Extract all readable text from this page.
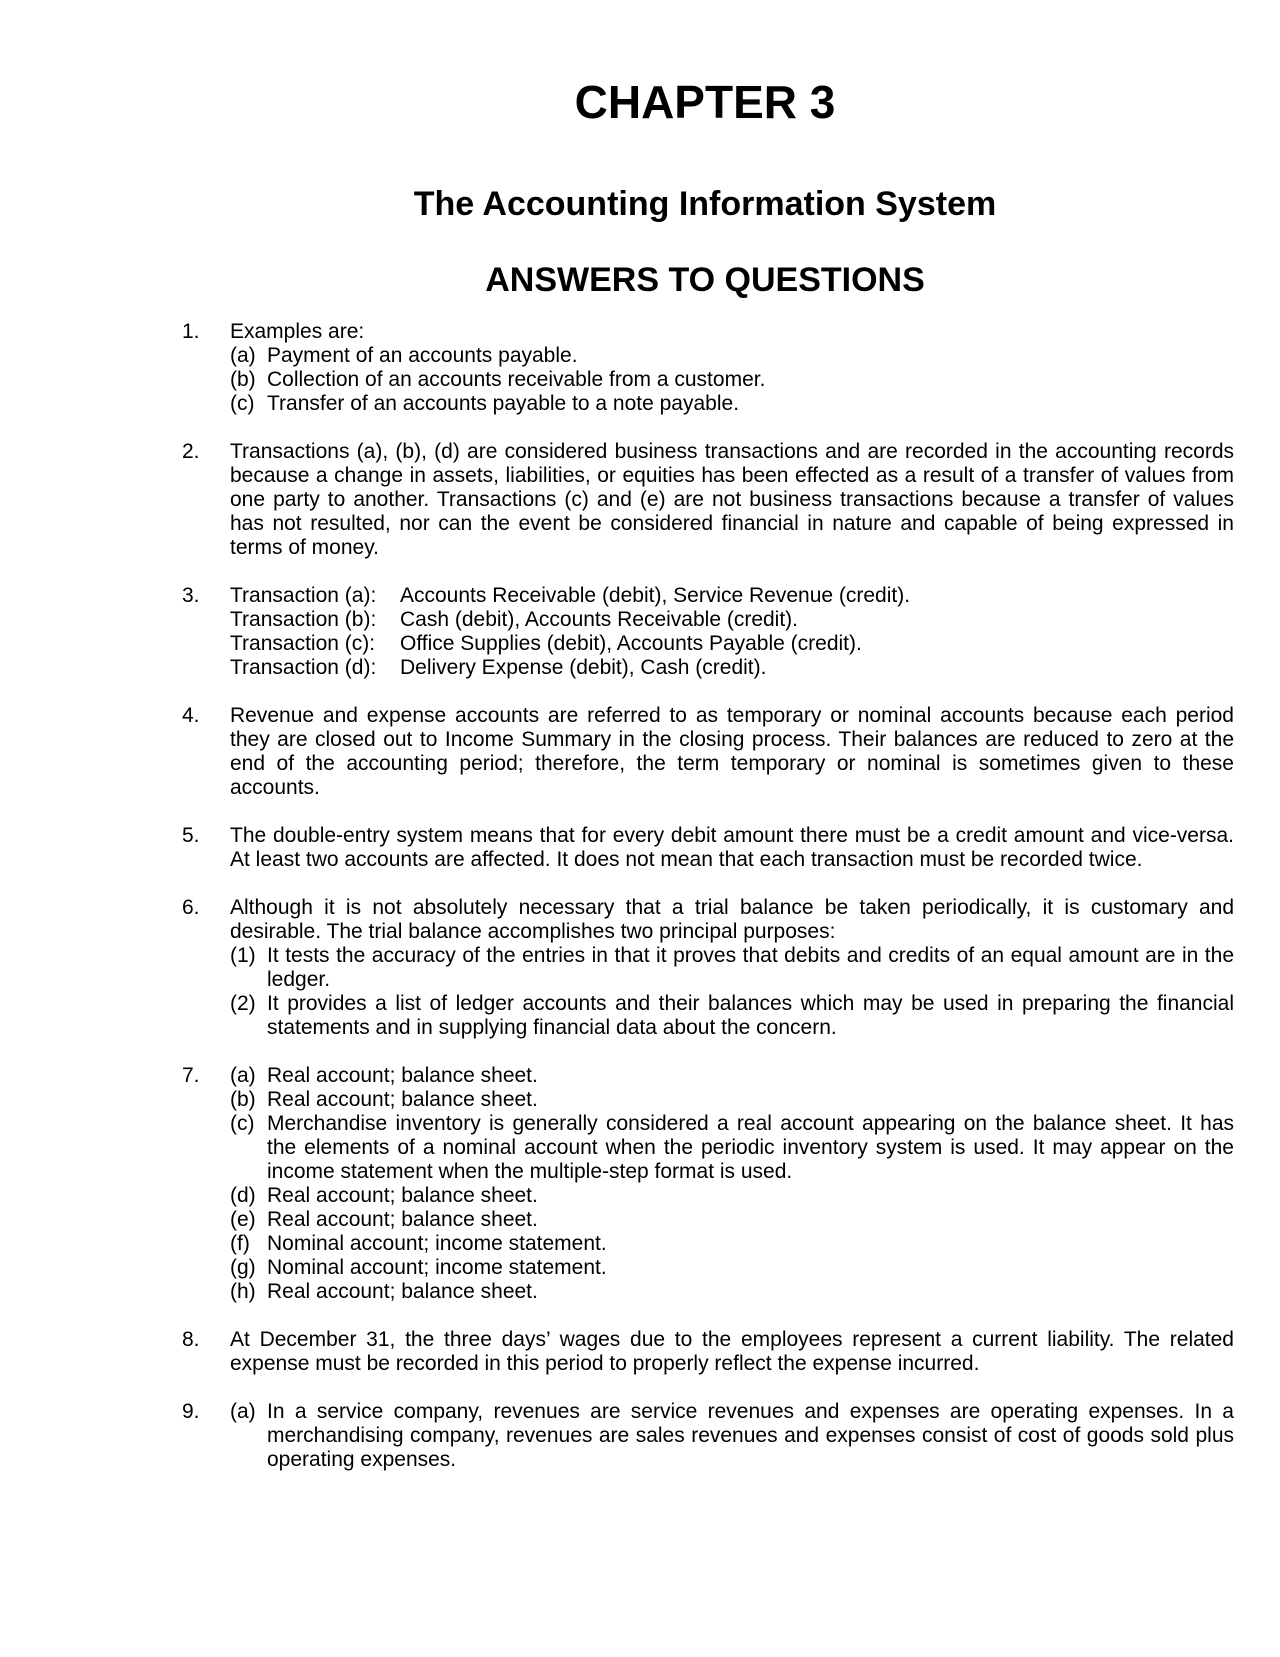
CHAPTER 3
The Accounting Information System
ANSWERS TO QUESTIONS
1.	Examples are:

(a) Payment of an accounts payable.
(b) Collection of an accounts receivable from a customer.
(c) Transfer of an accounts payable to a note payable.
2.	Transactions (a), (b), (d) are considered business transactions and are recorded in the accounting records because a change in assets, liabilities, or equities has been effected as a result of a transfer of values from one party to another. Transactions (c) and (e) are not business transactions because a transfer of values has not resulted, nor can the event be considered financial in nature and capable of being expressed in terms of money.

3.	Transaction (a):	Accounts Receivable (debit), Service Revenue (credit).
Transaction (b):	Cash (debit), Accounts Receivable (credit).
Transaction (c):	Office Supplies (debit), Accounts Payable (credit).
Transaction (d):	Delivery Expense (debit), Cash (credit).
4.	Revenue and expense accounts are referred to as temporary or nominal accounts because each period they are closed out to Income Summary in the closing process. Their balances are reduced to zero at the end of the accounting period; therefore, the term temporary or nominal is sometimes given to these accounts.

5.	The double-entry system means that for every debit amount there must be a credit amount and vice-versa. At least two accounts are affected. It does not mean that each transaction must be recorded twice.

6.	Although it is not absolutely necessary that a trial balance be taken periodically, it is customary and desirable. The trial balance accomplishes two principal purposes:

(1) It tests the accuracy of the entries in that it proves that debits and credits of an equal amount are in the ledger.
(2) It provides a list of ledger accounts and their balances which may be used in preparing the financial statements and in supplying financial data about the concern.
7.	(a) Real account; balance sheet.
(b) Real account; balance sheet.
(c) Merchandise inventory is generally considered a real account appearing on the balance sheet. It has the elements of a nominal account when the periodic inventory system is used. It may appear on the income statement when the multiple-step format is used.
(d) Real account; balance sheet.
(e) Real account; balance sheet.
(f) Nominal account; income statement.
(g) Nominal account; income statement.
(h) Real account; balance sheet.
8.	At December 31, the three days’ wages due to the employees represent a current liability. The related expense must be recorded in this period to properly reflect the expense incurred.

9.	(a) In a service company, revenues are service revenues and expenses are operating expenses. In a merchandising company, revenues are sales revenues and expenses consist of cost of goods sold plus operating expenses.
